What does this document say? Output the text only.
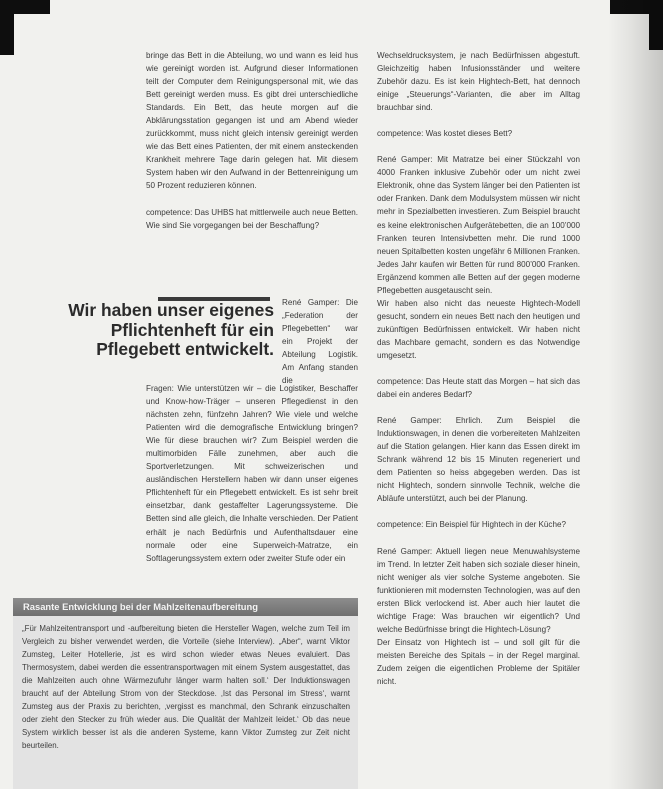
bringe das Bett in die Abteilung, wo und wann es leid hus wie gereinigt worden ist. Aufgrund dieser Informationen teilt der Computer dem Reinigungspersonal mit, wie das Bett gereinigt werden muss. Es gibt drei unterschiedliche Standards. Ein Bett, das heute morgen auf die Abklärungsstation gegangen ist und am Abend wieder zurückkommt, muss nicht gleich intensiv gereinigt werden wie das Bett eines Patienten, der mit einem ansteckenden Krankheit mehrere Tage darin gelegen hat. Mit diesem System haben wir den Aufwand in der Bettenreinigung um 50 Prozent reduzieren können.

competence: Das UHBS hat mittlerweile auch neue Betten. Wie sind Sie vorgegangen bei der Beschaffung?

Wir haben unser eigenes Pflichtenheft für ein Pflegebett entwickelt.
René Gamper: Die „Federation der Pflegebetten“ war ein Projekt der Abteilung Logistik. Am Anfang standen die

Fragen: Wie unterstützen wir – die Logistiker, Beschaffer und Know-how-Träger – unseren Pflegedienst in den nächsten zehn, fünfzehn Jahren? Wie viele und welche Patienten wird die demografische Entwicklung bringen? Wie für diese brauchen wir? Zum Beispiel werden die multimorbiden Fälle zunehmen, aber auch die Sportverletzungen. Mit schweizerischen und ausländischen Herstellern haben wir dann unser eigenes Pflichtenheft für ein Pflegebett entwickelt. Es ist sehr breit einsetzbar, dank gestaffelter Lagerungssysteme. Die Betten sind alle gleich, die Inhalte verschieden. Der Patient erhält je nach Bedürfnis und Aufenthaltsdauer eine normale oder eine Superweich-Matratze, ein Softlagerungssystem extern oder zweiter Stufe oder ein

Wechseldrucksystem, je nach Bedürfnissen abgestuft. Gleichzeitig haben Infusionsständer und weitere Zubehör dazu. Es ist kein Hightech-Bett, hat dennoch einige „Steuerungs“-Varianten, die aber im Alltag brauchbar sind.

competence: Was kostet dieses Bett?

René Gamper: Mit Matratze bei einer Stückzahl von 4000 Franken inklusive Zubehör oder um nicht zwei Elektronik, ohne das System länger bei den Patienten ist oder Franken. Dank dem Modulsystem müssen wir nicht mehr in Spezialbetten investieren. Zum Beispiel braucht es keine elektronischen Aufgerätebetten, die an 100’000 Franken teuren Intensivbetten mehr. Die rund 1000 neuen Spitalbetten kosten ungefähr 6 Millionen Franken. Jedes Jahr kaufen wir Betten für rund 800’000 Franken. Ergänzend kommen alle Betten auf der gegen moderne Pflegebetten ausgetauscht sein.

Wir haben also nicht das neueste Hightech-Modell gesucht, sondern ein neues Bett nach den heutigen und zukünftigen Bedürfnissen entwickelt. Wir haben nicht das Machbare gemacht, sondern es das Notwendige umgesetzt.

competence: Das Heute statt das Morgen – hat sich das dabei ein anderes Bedarf?

René Gamper: Ehrlich. Zum Beispiel die Induktionswagen, in denen die vorbereiteten Mahlzeiten auf die Station gelangen. Hier kann das Essen direkt im Schrank während 12 bis 15 Minuten regeneriert und dem Patienten so heiss abgegeben werden. Das ist nicht Hightech, sondern sinnvolle Technik, welche die Abläufe unterstützt, auch bei der Planung.

competence: Ein Beispiel für Hightech in der Küche?

René Gamper: Aktuell liegen neue Menuwahlsysteme im Trend. In letzter Zeit haben sich soziale dieser hinein, nicht weniger als vier solche Systeme angeboten. Sie funktionieren mit modernsten Technologien, was auf den ersten Blick verlockend ist. Aber auch hier lautet die wichtige Frage: Was brauchen wir eigentlich? Und welche Bedürfnisse bringt die Hightech-Lösung?

Der Einsatz von Hightech ist – und soll gilt für die meisten Bereiche des Spitals – in der Regel marginal. Zudem zeigen die eigentlichen Probleme der Spitäler nicht.

Rasante Entwicklung bei der Mahlzeitenaufbereitung
„Für Mahlzeitentransport und -aufbereitung bieten die Hersteller Wagen, welche zum Teil im Vergleich zu bisher verwendet werden, die Vorteile (siehe Interview). „Aber“, warnt Viktor Zumsteg, Leiter Hotellerie, ‚ist es wird schon wieder etwas Neues evaluiert. Das Thermosystem, dabei werden die essentransportwagen mit einem System ausgestattet, das die Mahlzeiten auch ohne Wärmezufuhr länger warm halten soll.‘ Der Induktionswagen braucht auf der Abteilung Strom von der Steckdose. ‚Ist das Personal im Stress‘, warnt Zumsteg aus der Praxis zu berichten, ‚vergisst es manchmal, den Schrank einzuschalten oder zieht den Stecker zu früh wieder aus. Die Qualität der Mahlzeit leidet.‘ Ob das neue System wirklich besser ist als die anderen Systeme, kann Viktor Zumsteg zur Zeit nicht beurteilen.
